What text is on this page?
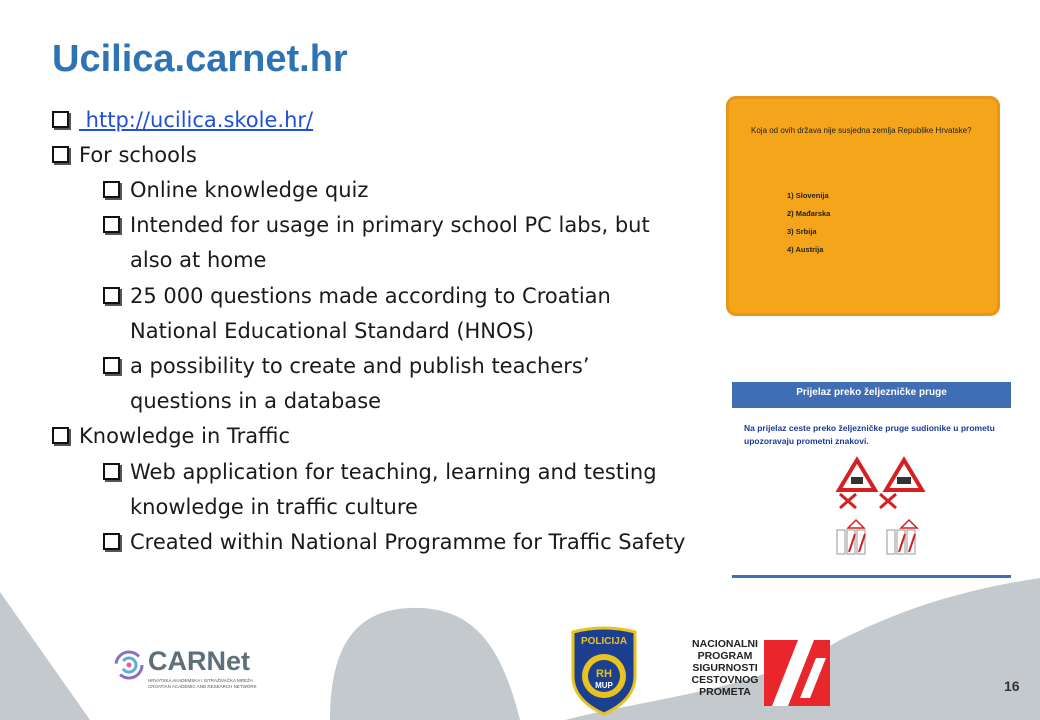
Ucilica.carnet.hr
http://ucilica.skole.hr/
For schools
Online knowledge quiz
Intended for usage in primary school PC labs, but
also at home
25 000 questions made according to Croatian
National Educational Standard (HNOS)
a possibility to create and publish teachers’
questions in a database
Knowledge in Traffic
Web application for teaching, learning and testing
knowledge in traffic culture
Created within National Programme for Traffic Safety
Koja od ovih država nije susjedna zemlja Republike Hrvatske?
1) Slovenija
2) Mađarska
3) Srbija
4) Austrija
Prijelaz preko željezničke pruge
Na prijelaz ceste preko željezničke pruge sudionike u prometu upozoravaju prometni znakovi.
CARNet
HRVATSKA AKADEMSKA I ISTRAŽIVAČKA MREŽA CROATIAN ACADEMIC AND RESEARCH NETWORK
POLICIJA
RH
MUP
NACIONALNI
PROGRAM
SIGURNOSTI
CESTOVNOG
PROMETA	16
